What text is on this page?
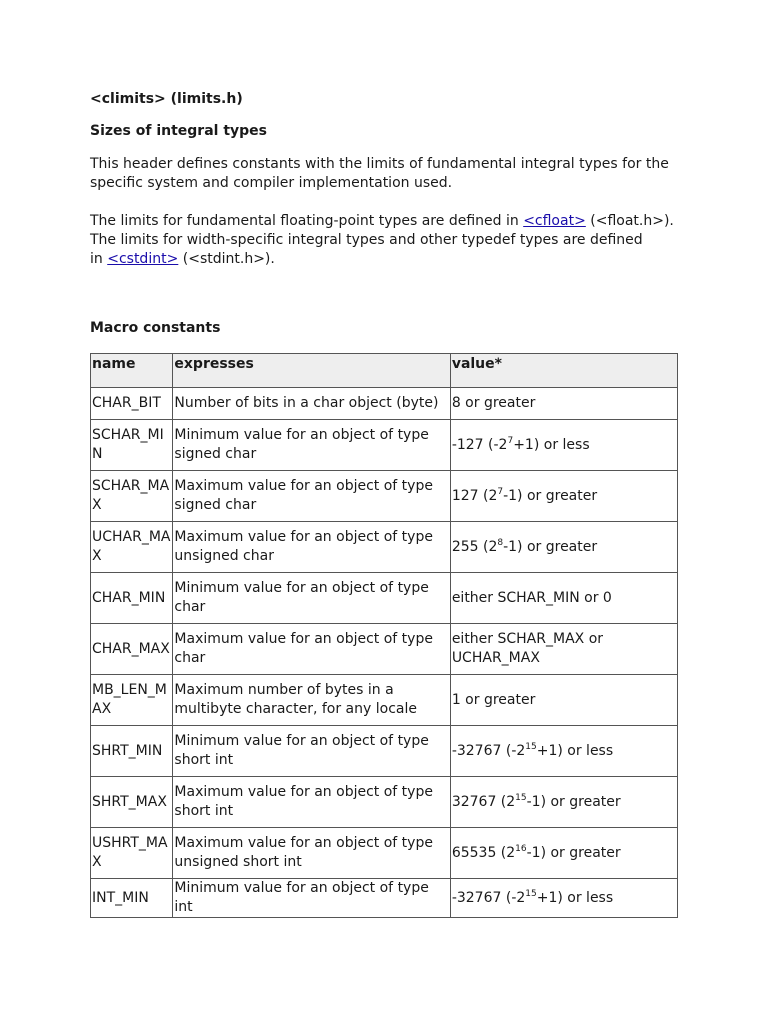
<climits> (limits.h)
Sizes of integral types
This header defines constants with the limits of fundamental integral types for the specific system and compiler implementation used.
The limits for fundamental floating-point types are defined in <cfloat> (<float.h>).
The limits for width-specific integral types and other typedef types are defined
in <cstdint> (<stdint.h>).
Macro constants
name	expresses	value*
CHAR_BIT	Number of bits in a char object (byte)	8 or greater
SCHAR_MIN	Minimum value for an object of type signed char	-127 $(-2^7+1)$ or less
SCHAR_MAX	Maximum value for an object of type signed char	127 $(2^7-1)$ or greater
UCHAR_MAX	Maximum value for an object of type unsigned char	255 $(2^8-1)$ or greater
CHAR_MIN	Minimum value for an object of type char	either SCHAR_MIN or 0
CHAR_MAX	Maximum value for an object of type char	either SCHAR_MAX or UCHAR_MAX
MB_LEN_MAX	Maximum number of bytes in a multibyte character, for any locale	1 or greater
SHRT_MIN	Minimum value for an object of type short int	-32767 $(-2^{15}+1)$ or less
SHRT_MAX	Maximum value for an object of type short int	32767 $(2^{15}-1)$ or greater
USHRT_MAX	Maximum value for an object of type unsigned short int	65535 $(2^{16}-1)$ or greater
INT_MIN	Minimum value for an object of type int	-32767 $(-2^{15}+1)$ or less
